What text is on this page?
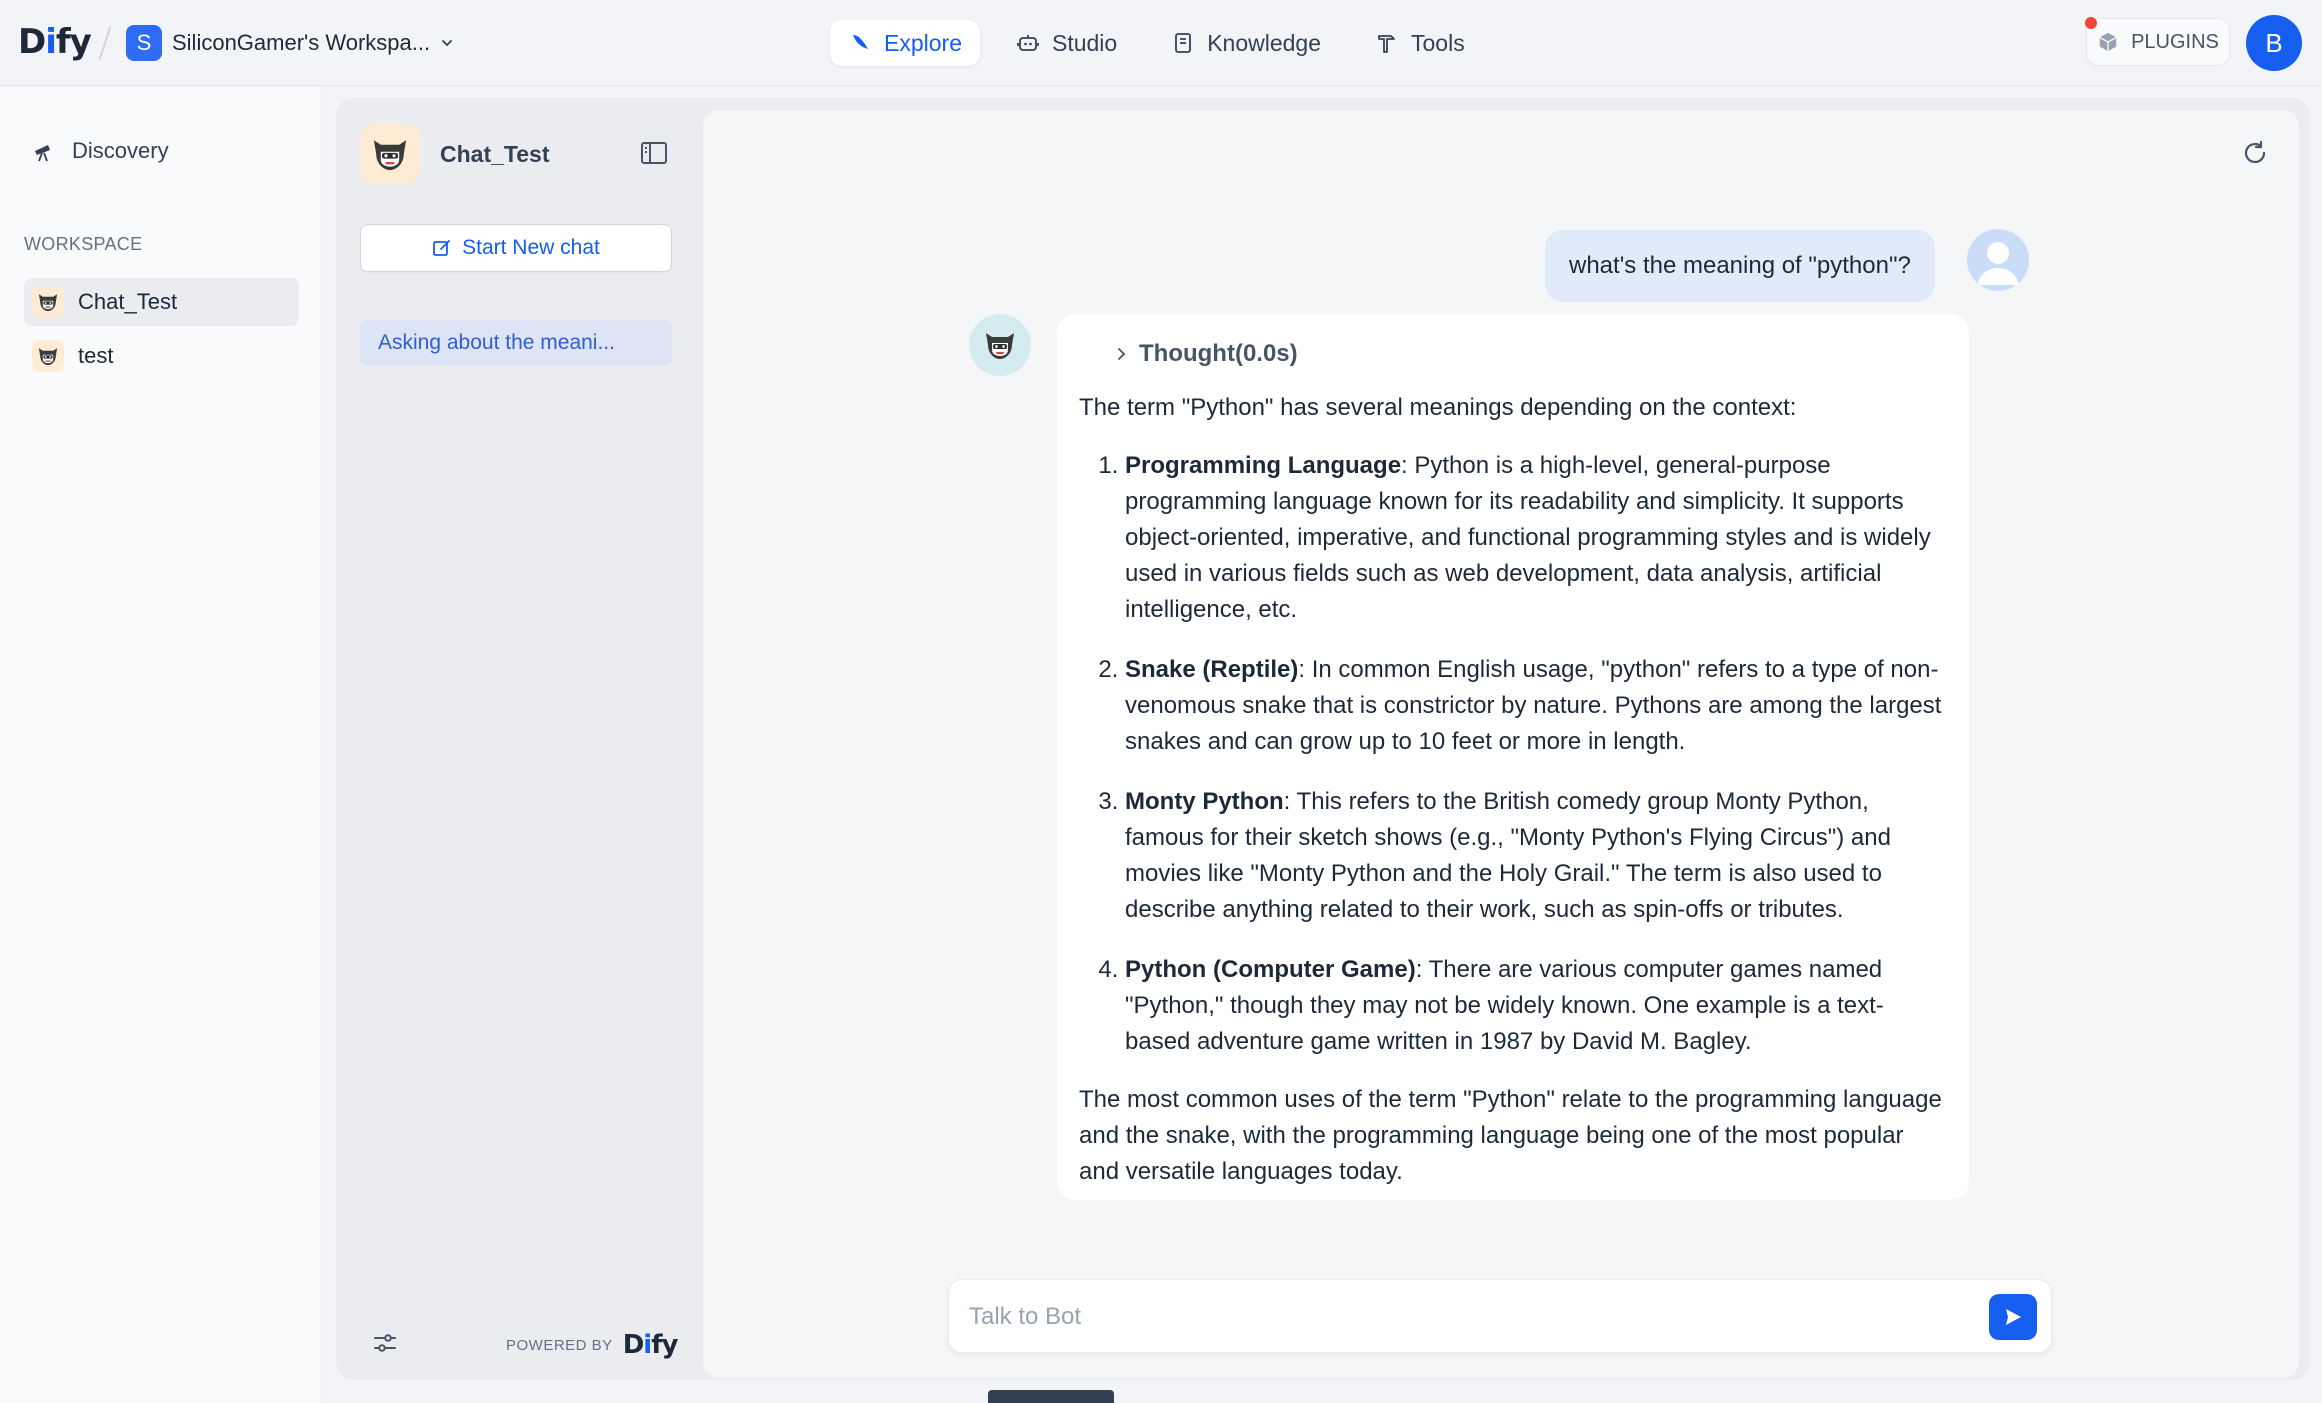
Dify	S SiliconGamer's Workspa...	Explore	Studio	Knowledge	Tools	PLUGINS	B
Discovery
WORKSPACE
Chat_Test
test
Chat_Test
Start New chat
Asking about the meani...
POWERED BY Dify
what's the meaning of "python"?
Thought(0.0s)

The term "Python" has several meanings depending on the context:

1. Programming Language: Python is a high-level, general-purpose programming language known for its readability and simplicity. It supports object-oriented, imperative, and functional programming styles and is widely used in various fields such as web development, data analysis, artificial intelligence, etc.
2. Snake (Reptile): In common English usage, "python" refers to a type of non-venomous snake that is constrictor by nature. Pythons are among the largest snakes and can grow up to 10 feet or more in length.
3. Monty Python: This refers to the British comedy group Monty Python, famous for their sketch shows (e.g., "Monty Python's Flying Circus") and movies like "Monty Python and the Holy Grail." The term is also used to describe anything related to their work, such as spin-offs or tributes.
4. Python (Computer Game): There are various computer games named "Python," though they may not be widely known. One example is a text-based adventure game written in 1987 by David M. Bagley.

The most common uses of the term "Python" relate to the programming language and the snake, with the programming language being one of the most popular and versatile languages today.

Talk to Bot
